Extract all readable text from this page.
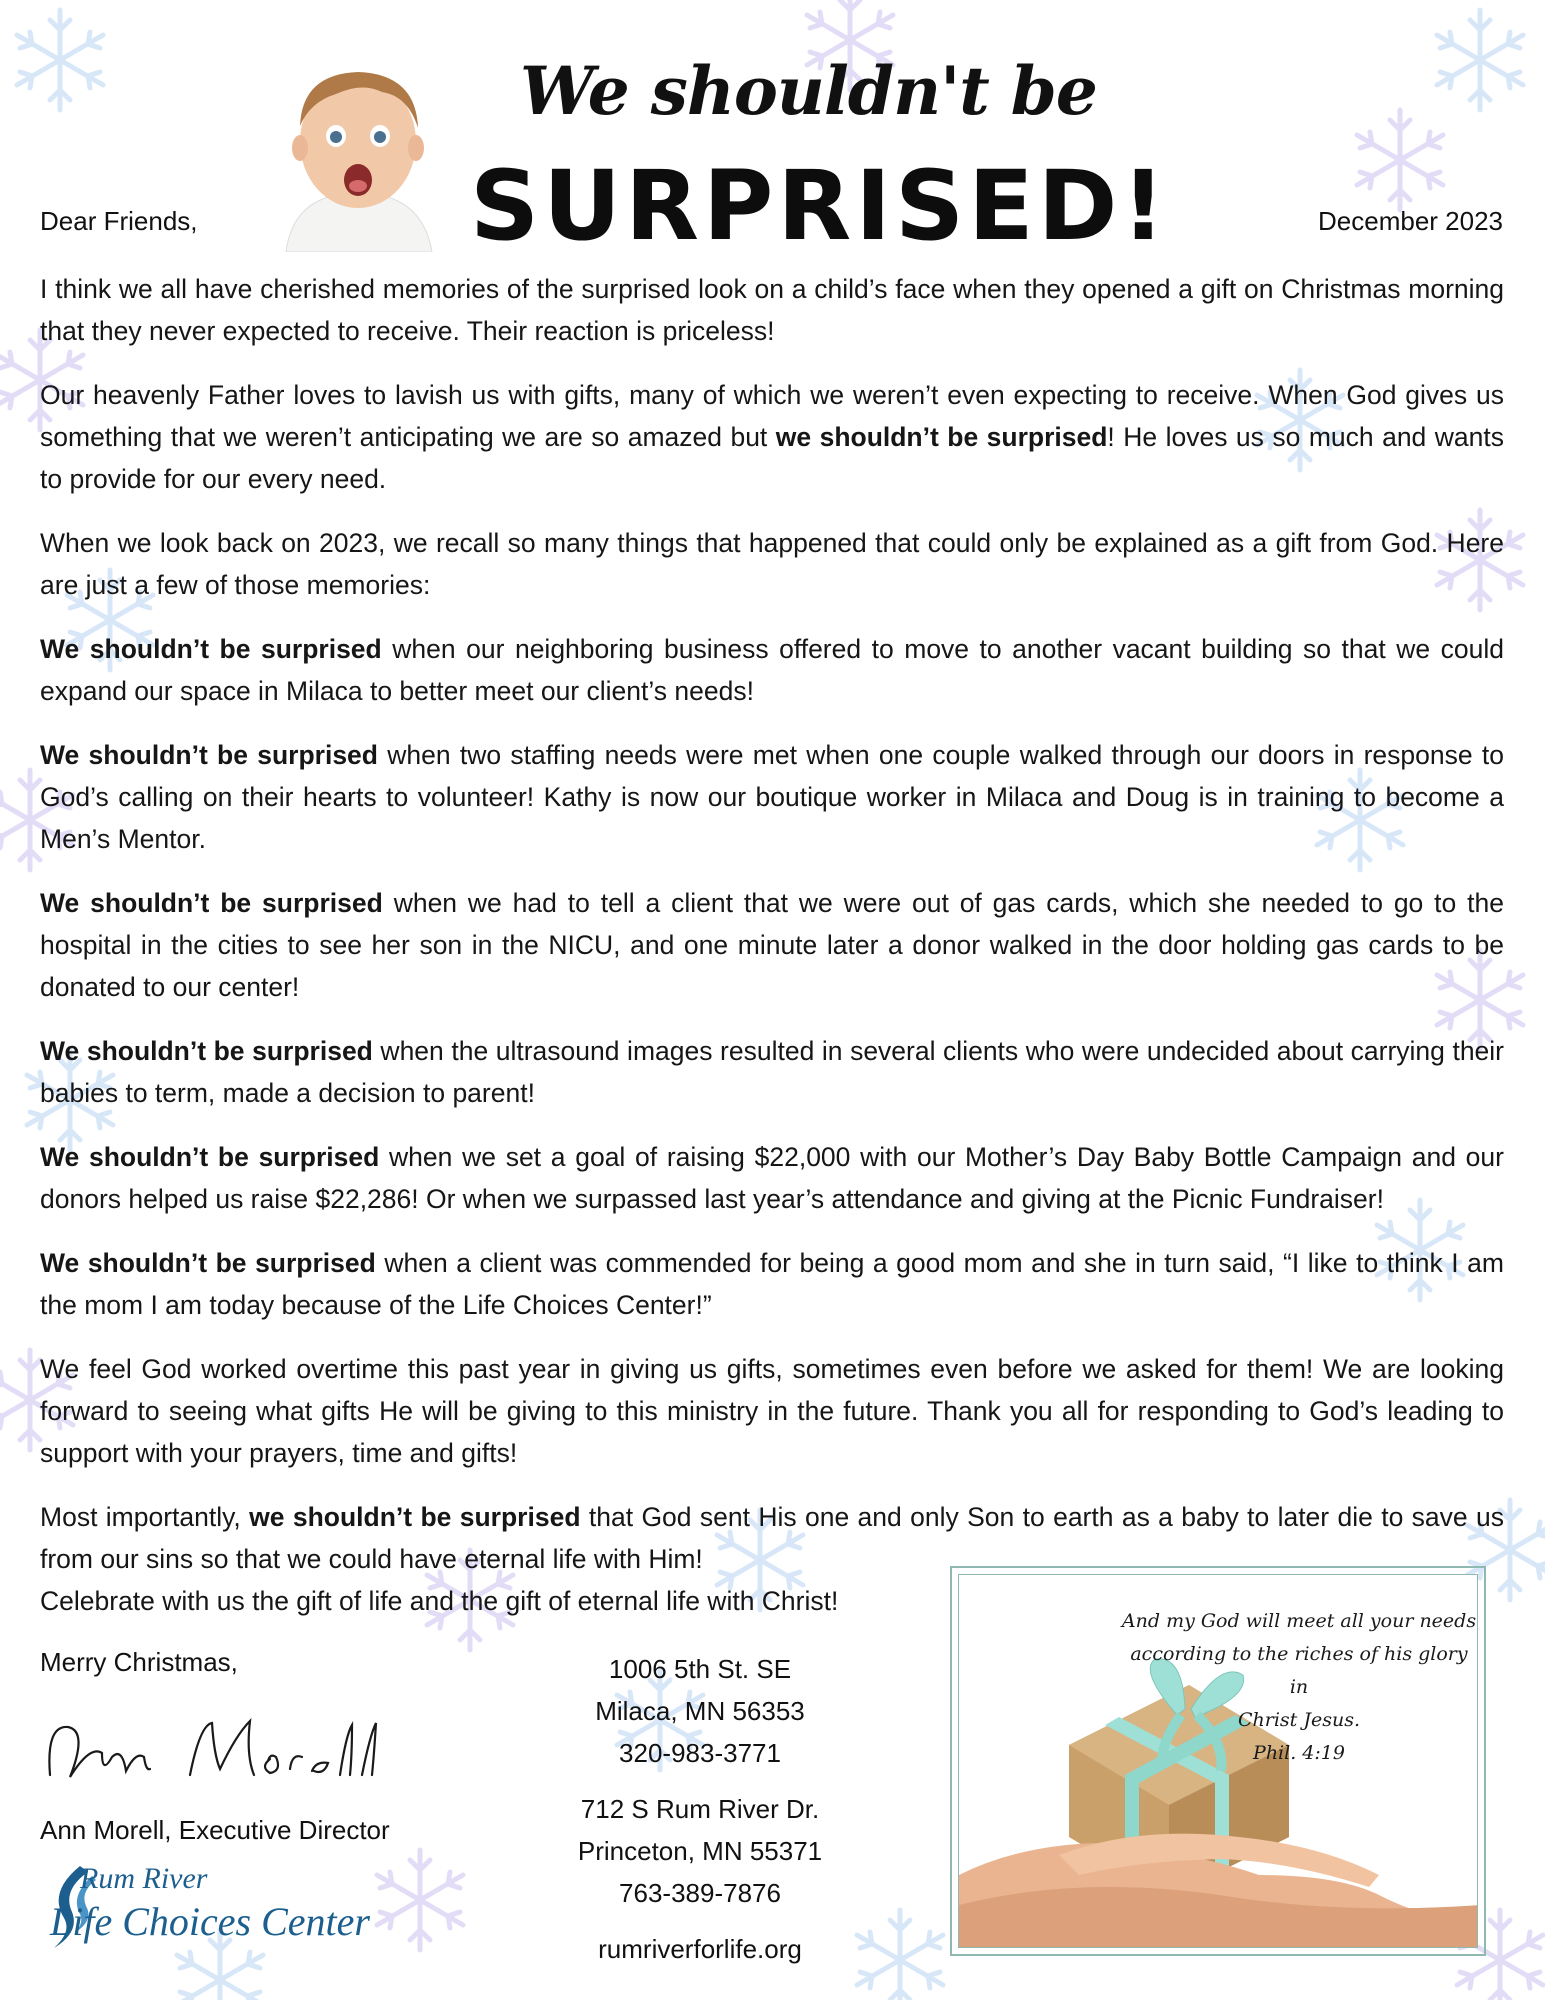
We shouldn't be
SURPRISED!
Dear Friends,	December 2023

I think we all have cherished memories of the surprised look on a child’s face when they opened a gift on Christmas morning that they never expected to receive. Their reaction is priceless!

Our heavenly Father loves to lavish us with gifts, many of which we weren’t even expecting to receive. When God gives us something that we weren’t anticipating we are so amazed but we shouldn’t be surprised! He loves us so much and wants to provide for our every need.

When we look back on 2023, we recall so many things that happened that could only be explained as a gift from God. Here are just a few of those memories:

We shouldn’t be surprised when our neighboring business offered to move to another vacant building so that we could expand our space in Milaca to better meet our client’s needs!

We shouldn’t be surprised when two staffing needs were met when one couple walked through our doors in response to God’s calling on their hearts to volunteer! Kathy is now our boutique worker in Milaca and Doug is in training to become a Men’s Mentor.

We shouldn’t be surprised when we had to tell a client that we were out of gas cards, which she needed to go to the hospital in the cities to see her son in the NICU, and one minute later a donor walked in the door holding gas cards to be donated to our center!

We shouldn’t be surprised when the ultrasound images resulted in several clients who were undecided about carrying their babies to term, made a decision to parent!

We shouldn’t be surprised when we set a goal of raising $22,000 with our Mother’s Day Baby Bottle Campaign and our donors helped us raise $22,286! Or when we surpassed last year’s attendance and giving at the Picnic Fundraiser!

We shouldn’t be surprised when a client was commended for being a good mom and she in turn said, “I like to think I am the mom I am today because of the Life Choices Center!”

We feel God worked overtime this past year in giving us gifts, sometimes even before we asked for them! We are looking forward to seeing what gifts He will be giving to this ministry in the future. Thank you all for responding to God’s leading to support with your prayers, time and gifts!

Most importantly, we shouldn’t be surprised that God sent His one and only Son to earth as a baby to later die to save us from our sins so that we could have eternal life with Him!

Celebrate with us the gift of life and the gift of eternal life with Christ!

Merry Christmas,
Ann Morell, Executive Director
Rum River
Life Choices Center
1006 5th St. SE
Milaca, MN 56353
320-983-3771
712 S Rum River Dr.
Princeton, MN 55371
763-389-7876
rumriverforlife.org
And my God will meet all your needs
according to the riches of his glory in
Christ Jesus.
Phil. 4:19
